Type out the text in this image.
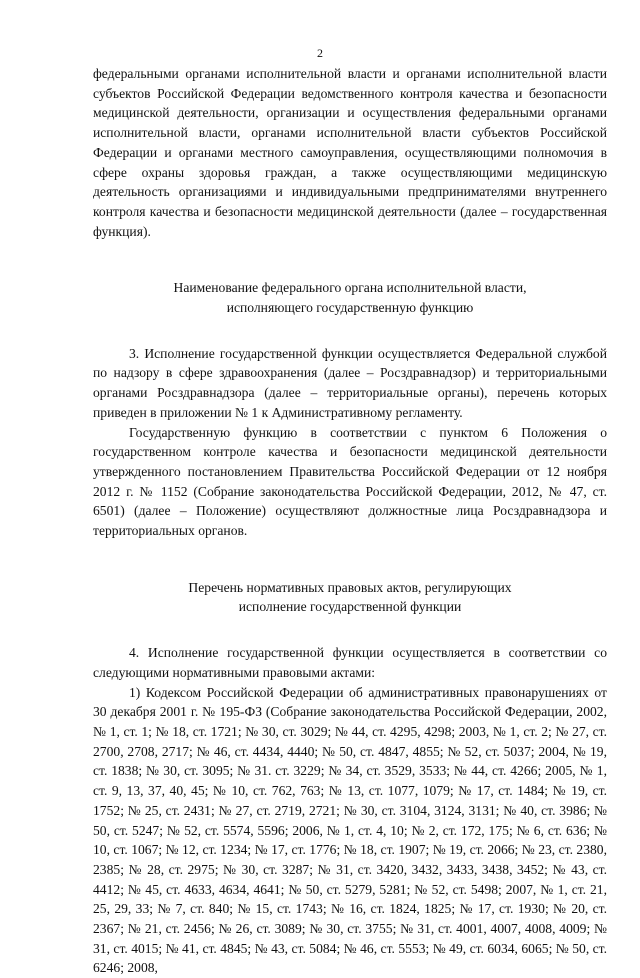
2

федеральными органами исполнительной власти и органами исполнительной власти субъектов Российской Федерации ведомственного контроля качества и безопасности медицинской деятельности, организации и осуществления федеральными органами исполнительной власти, органами исполнительной власти субъектов Российской Федерации и органами местного самоуправления, осуществляющими полномочия в сфере охраны здоровья граждан, а также осуществляющими медицинскую деятельность организациями и индивидуальными предпринимателями внутреннего контроля качества и безопасности медицинской деятельности (далее – государственная функция).

Наименование федерального органа исполнительной власти,

исполняющего государственную функцию

3. Исполнение государственной функции осуществляется Федеральной службой по надзору в сфере здравоохранения (далее – Росздравнадзор) и территориальными органами Росздравнадзора (далее – территориальные органы), перечень которых приведен в приложении № 1 к Административному регламенту.

Государственную функцию в соответствии с пунктом 6 Положения о государственном контроле качества и безопасности медицинской деятельности утвержденного постановлением Правительства Российской Федерации от 12 ноября 2012 г. № 1152 (Собрание законодательства Российской Федерации, 2012, № 47, ст. 6501) (далее – Положение) осуществляют должностные лица Росздравнадзора и территориальных органов.

Перечень нормативных правовых актов, регулирующих

исполнение государственной функции

4. Исполнение государственной функции осуществляется в соответствии со следующими нормативными правовыми актами:

1) Кодексом Российской Федерации об административных правонарушениях от 30 декабря 2001 г. № 195-ФЗ (Собрание законодательства Российской Федерации, 2002, № 1, ст. 1; № 18, ст. 1721; № 30, ст. 3029; № 44, ст. 4295, 4298; 2003, № 1, ст. 2; № 27, ст. 2700, 2708, 2717; № 46, ст. 4434, 4440; № 50, ст. 4847, 4855; № 52, ст. 5037; 2004, № 19, ст. 1838; № 30, ст. 3095; № 31. ст. 3229; № 34, ст. 3529, 3533; № 44, ст. 4266; 2005, № 1, ст. 9, 13, 37, 40, 45; № 10, ст. 762, 763; № 13, ст. 1077, 1079; № 17, ст. 1484; № 19, ст. 1752; № 25, ст. 2431; № 27, ст. 2719, 2721; № 30, ст. 3104, 3124, 3131; № 40, ст. 3986; № 50, ст. 5247; № 52, ст. 5574, 5596; 2006, № 1, ст. 4, 10; № 2, ст. 172, 175; № 6, ст. 636; № 10, ст. 1067; № 12, ст. 1234; № 17, ст. 1776; № 18, ст. 1907; № 19, ст. 2066; № 23, ст. 2380, 2385; № 28, ст. 2975; № 30, ст. 3287; № 31, ст. 3420, 3432, 3433, 3438, 3452; № 43, ст. 4412; № 45, ст. 4633, 4634, 4641; № 50, ст. 5279, 5281; № 52, ст. 5498; 2007, № 1, ст. 21, 25, 29, 33; № 7, ст. 840; № 15, ст. 1743; № 16, ст. 1824, 1825; № 17, ст. 1930; № 20, ст. 2367; № 21, ст. 2456; № 26, ст. 3089; № 30, ст. 3755; № 31, ст. 4001, 4007, 4008, 4009; № 31, ст. 4015; № 41, ст. 4845; № 43, ст. 5084; № 46, ст. 5553; № 49, ст. 6034, 6065; № 50, ст. 6246; 2008,
